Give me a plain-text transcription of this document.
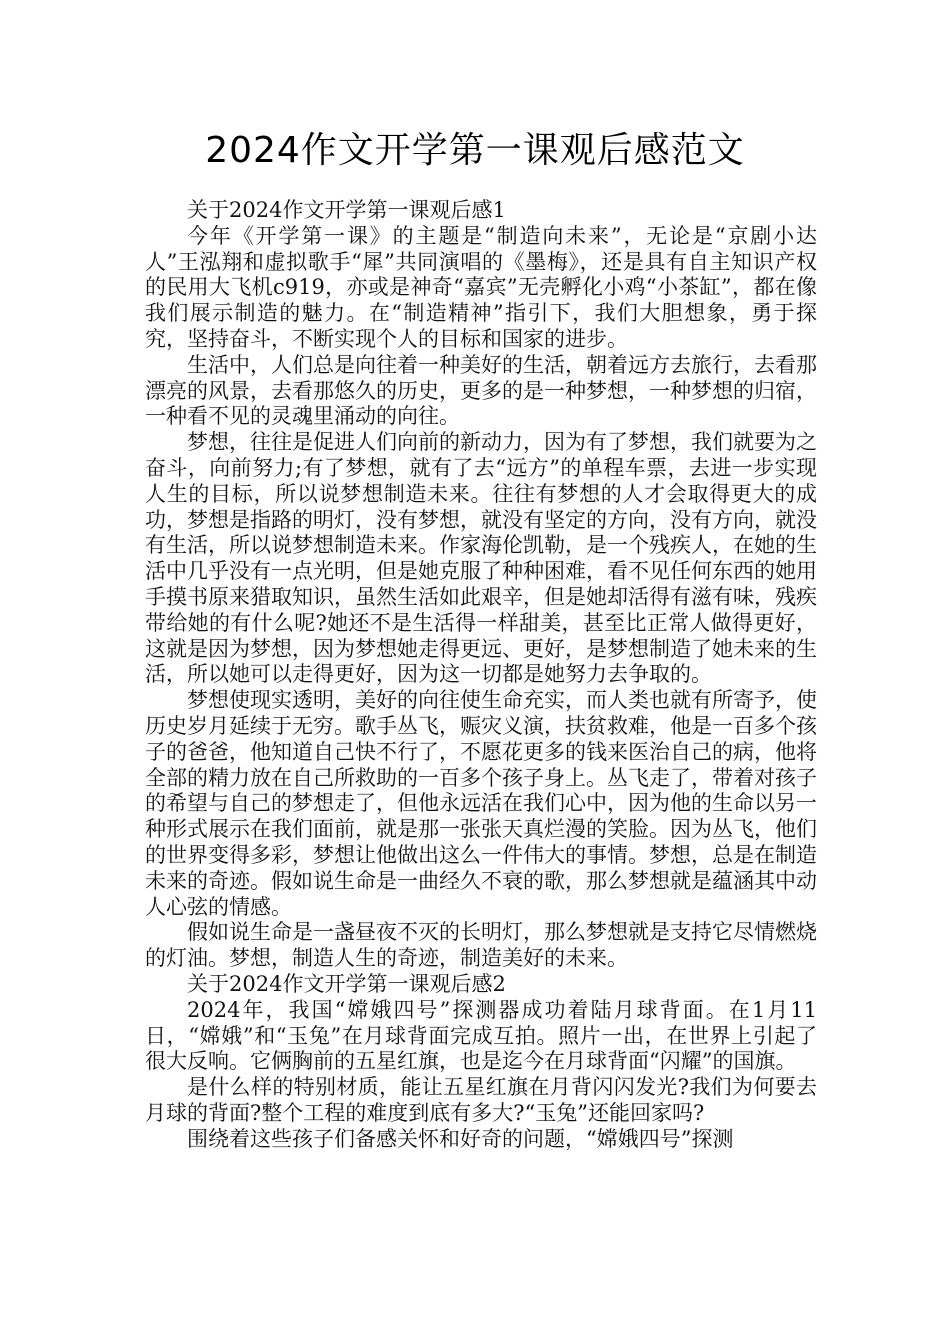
2024作文开学第一课观后感范文

关于2024作文开学第一课观后感1

今年《开学第一课》的主题是“制造向未来”，无论是“京剧小达人”王泓翔和虚拟歌手“犀”共同演唱的《墨梅》，还是具有自主知识产权的民用大飞机c919，亦或是神奇“嘉宾”无壳孵化小鸡“小茶缸”，都在像我们展示制造的魅力。在“制造精神”指引下，我们大胆想象，勇于探究，坚持奋斗，不断实现个人的目标和国家的进步。

生活中，人们总是向往着一种美好的生活，朝着远方去旅行，去看那漂亮的风景，去看那悠久的历史，更多的是一种梦想，一种梦想的归宿，一种看不见的灵魂里涌动的向往。

梦想，往往是促进人们向前的新动力，因为有了梦想，我们就要为之奋斗，向前努力;有了梦想，就有了去“远方”的单程车票，去进一步实现人生的目标，所以说梦想制造未来。往往有梦想的人才会取得更大的成功，梦想是指路的明灯，没有梦想，就没有坚定的方向，没有方向，就没有生活，所以说梦想制造未来。作家海伦凯勒，是一个残疾人，在她的生活中几乎没有一点光明，但是她克服了种种困难，看不见任何东西的她用手摸书原来猎取知识，虽然生活如此艰辛，但是她却活得有滋有味，残疾带给她的有什么呢?她还不是生活得一样甜美，甚至比正常人做得更好，这就是因为梦想，因为梦想她走得更远、更好，是梦想制造了她未来的生活，所以她可以走得更好，因为这一切都是她努力去争取的。

梦想使现实透明，美好的向往使生命充实，而人类也就有所寄予，使历史岁月延续于无穷。歌手丛飞，赈灾义演，扶贫救难，他是一百多个孩子的爸爸，他知道自己快不行了，不愿花更多的钱来医治自己的病，他将全部的精力放在自己所救助的一百多个孩子身上。丛飞走了，带着对孩子的希望与自己的梦想走了，但他永远活在我们心中，因为他的生命以另一种形式展示在我们面前，就是那一张张天真烂漫的笑脸。因为丛飞，他们的世界变得多彩，梦想让他做出这么一件伟大的事情。梦想，总是在制造未来的奇迹。假如说生命是一曲经久不衰的歌，那么梦想就是蕴涵其中动人心弦的情感。

假如说生命是一盏昼夜不灭的长明灯，那么梦想就是支持它尽情燃烧的灯油。梦想，制造人生的奇迹，制造美好的未来。

关于2024作文开学第一课观后感2

2024年，我国“嫦娥四号”探测器成功着陆月球背面。在1月11日，“嫦娥”和“玉兔”在月球背面完成互拍。照片一出，在世界上引起了很大反响。它俩胸前的五星红旗，也是迄今在月球背面“闪耀”的国旗。

是什么样的特别材质，能让五星红旗在月背闪闪发光?我们为何要去月球的背面?整个工程的难度到底有多大?“玉兔”还能回家吗?

围绕着这些孩子们备感关怀和好奇的问题，“嫦娥四号”探测
